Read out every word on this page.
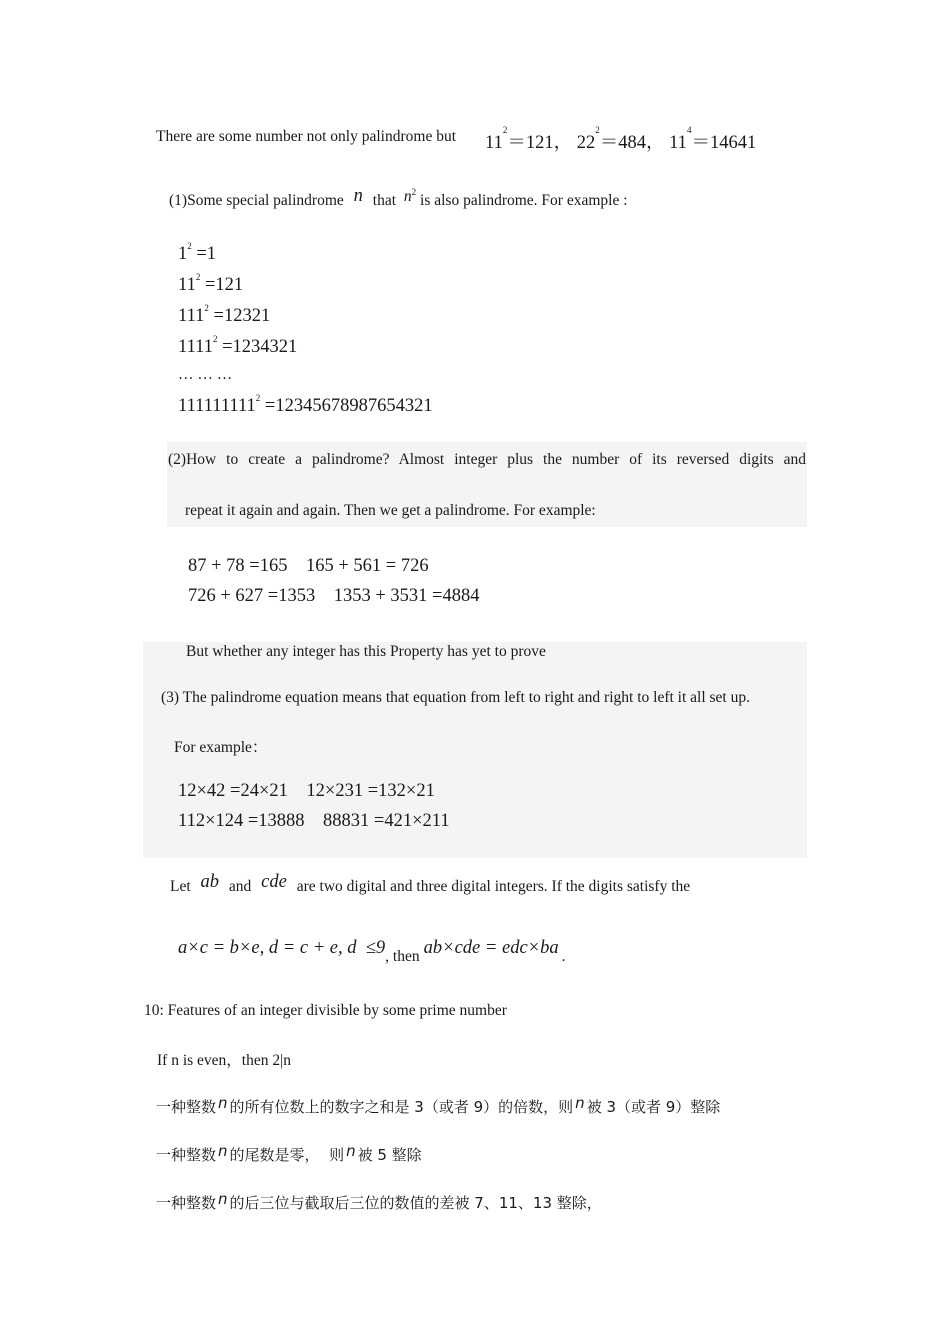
There are some number not only palindrome but $11^2=121$， $22^2=484$， $11^4=14641$
(1)Some special palindrome n that $n^2$ is also palindrome. For example :
$1^2 =1$
$11^2 =121$
$111^2 =12321$
$1111^2 =1234321$
… … …
$111111111^2 =12345678987654321$
(2)How to create a palindrome? Almost integer plus the number of its reversed digits and
repeat it again and again. Then we get a palindrome. For example:
87 + 78 =165    165 + 561 = 726
726 + 627 =1353    1353 + 3531 =4884
But whether any integer has this Property has yet to prove
(3) The palindrome equation means that equation from left to right and right to left it all set up.
For example：
12×42 =24×21    12×231 =132×21
112×124 =13888    88831 =421×211
Let ab and cde are two digital and three digital integers. If the digits satisfy the
a×c = b×e, d = c + e, d  ≤9, then ab×cde = edc×ba .
10: Features of an integer divisible by some prime number
If n is even，then 2|n
一种整数 n 的所有位数上的数字之和是 3（或者 9）的倍数，则 n 被 3（或者 9）整除
一种整数 n 的尾数是零，  则 n 被 5 整除
一种整数 n 的后三位与截取后三位的数值的差被 7、11、13 整除，
